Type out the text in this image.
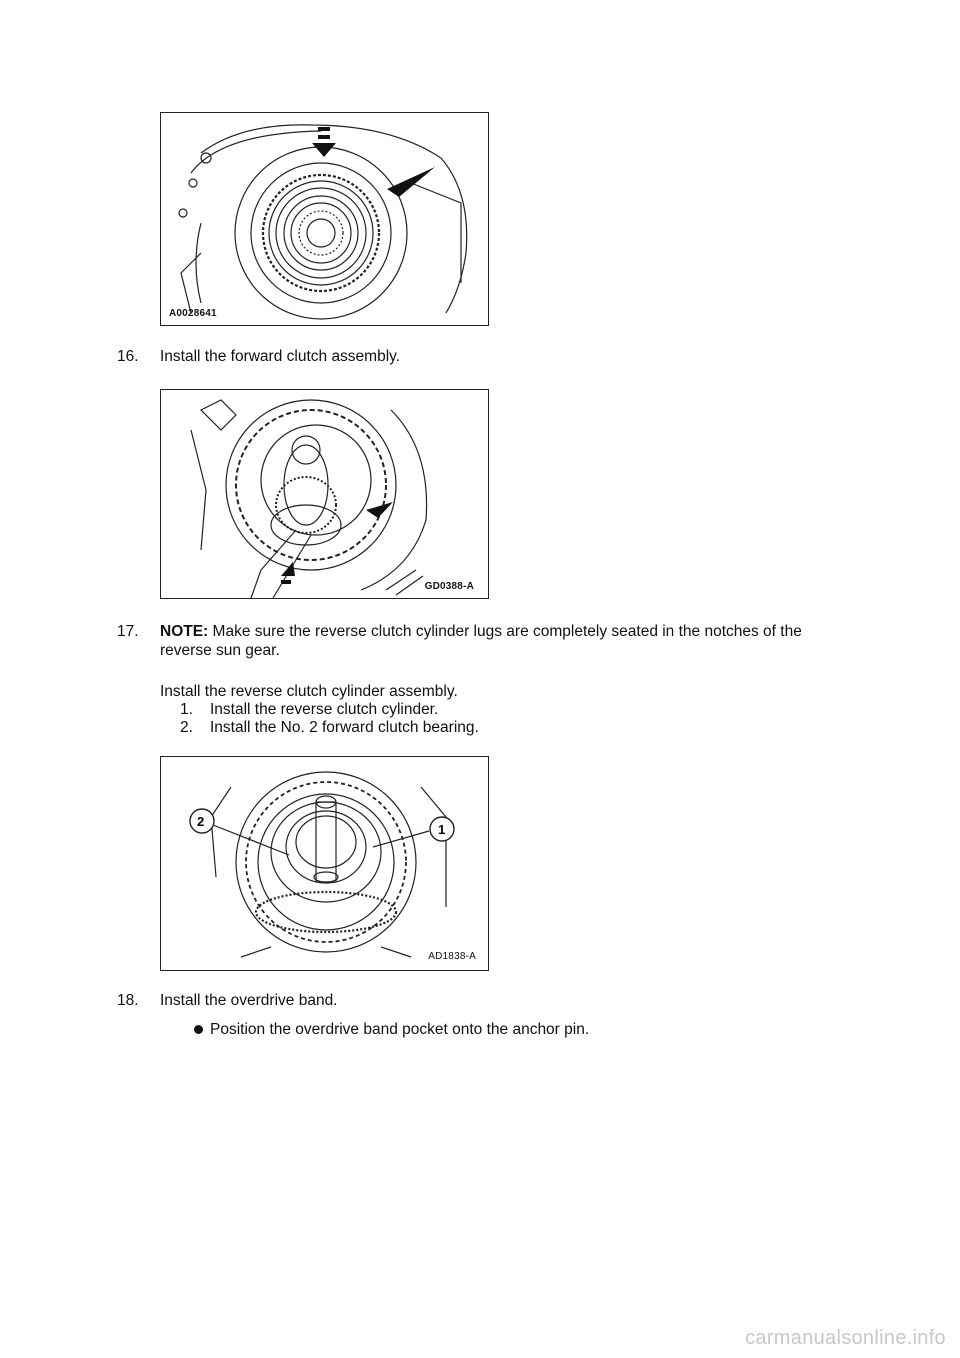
A0028641
16. Install the forward clutch assembly.
GD0388-A
17. NOTE: Make sure the reverse clutch cylinder lugs are completely seated in the notches of the
reverse sun gear.
Install the reverse clutch cylinder assembly.
1. Install the reverse clutch cylinder.
2. Install the No. 2 forward clutch bearing.
2
1
AD1838-A
18. Install the overdrive band.
Position the overdrive band pocket onto the anchor pin.
carmanualsonline.info
